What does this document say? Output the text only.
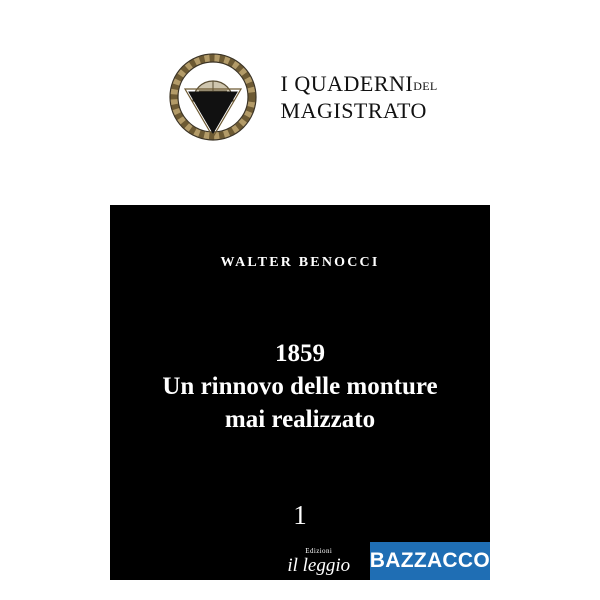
I QUADERNIDEL
MAGISTRATO
WALTER BENOCCI
1859
Un rinnovo delle monture
mai realizzato
1
Edizioni
il leggio BAZZACCO
